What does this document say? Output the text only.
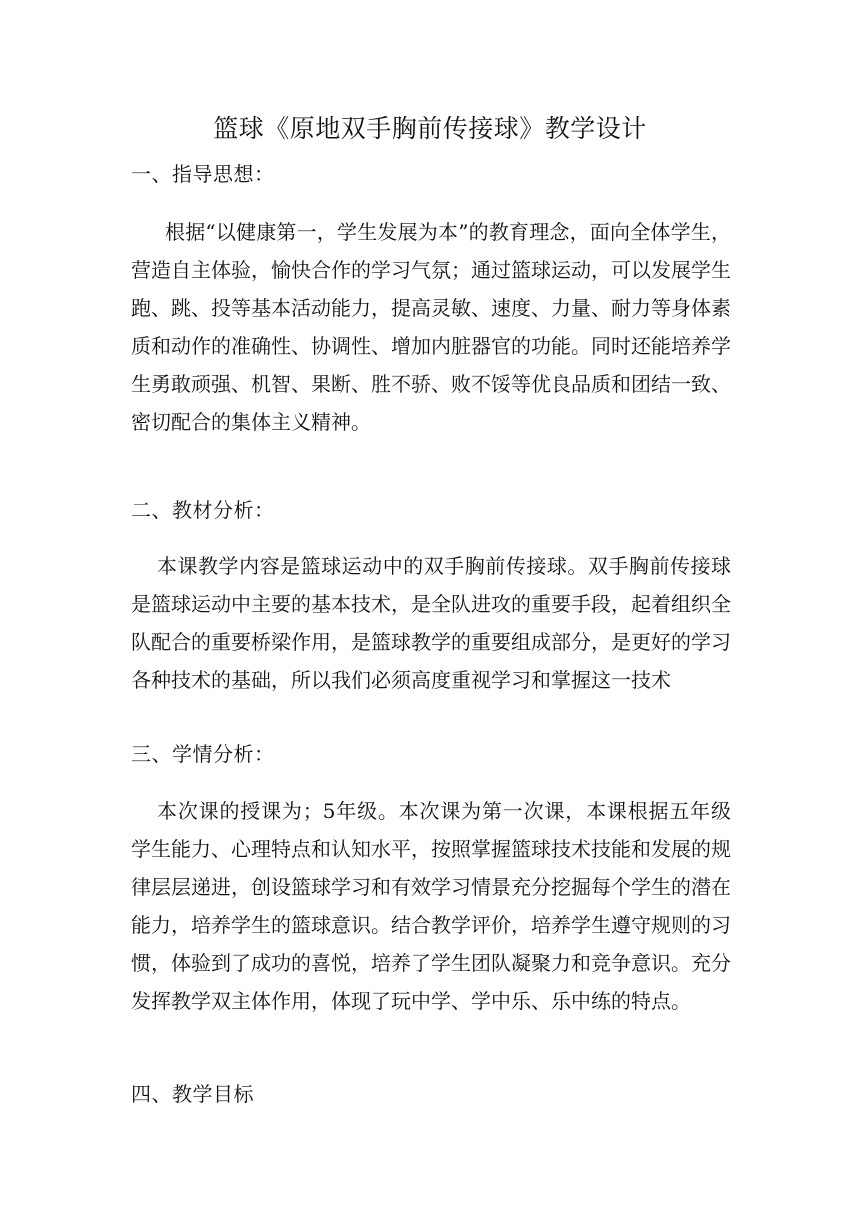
篮球《原地双手胸前传接球》教学设计
一、指导思想：
根据“以健康第一，学生发展为本”的教育理念，面向全体学生，
营造自主体验，愉快合作的学习气氛；通过篮球运动，可以发展学生
跑、跳、投等基本活动能力，提高灵敏、速度、力量、耐力等身体素
质和动作的准确性、协调性、增加内脏器官的功能。同时还能培养学
生勇敢顽强、机智、果断、胜不骄、败不馁等优良品质和团结一致、
密切配合的集体主义精神。
二、教材分析：
本课教学内容是篮球运动中的双手胸前传接球。双手胸前传接球
是篮球运动中主要的基本技术，是全队进攻的重要手段，起着组织全
队配合的重要桥梁作用，是篮球教学的重要组成部分，是更好的学习
各种技术的基础，所以我们必须高度重视学习和掌握这一技术
三、学情分析：
本次课的授课为；5年级。本次课为第一次课，本课根据五年级
学生能力、心理特点和认知水平，按照掌握篮球技术技能和发展的规
律层层递进，创设篮球学习和有效学习情景充分挖掘每个学生的潜在
能力，培养学生的篮球意识。结合教学评价，培养学生遵守规则的习
惯，体验到了成功的喜悦，培养了学生团队凝聚力和竞争意识。充分
发挥教学双主体作用，体现了玩中学、学中乐、乐中练的特点。
四、教学目标
